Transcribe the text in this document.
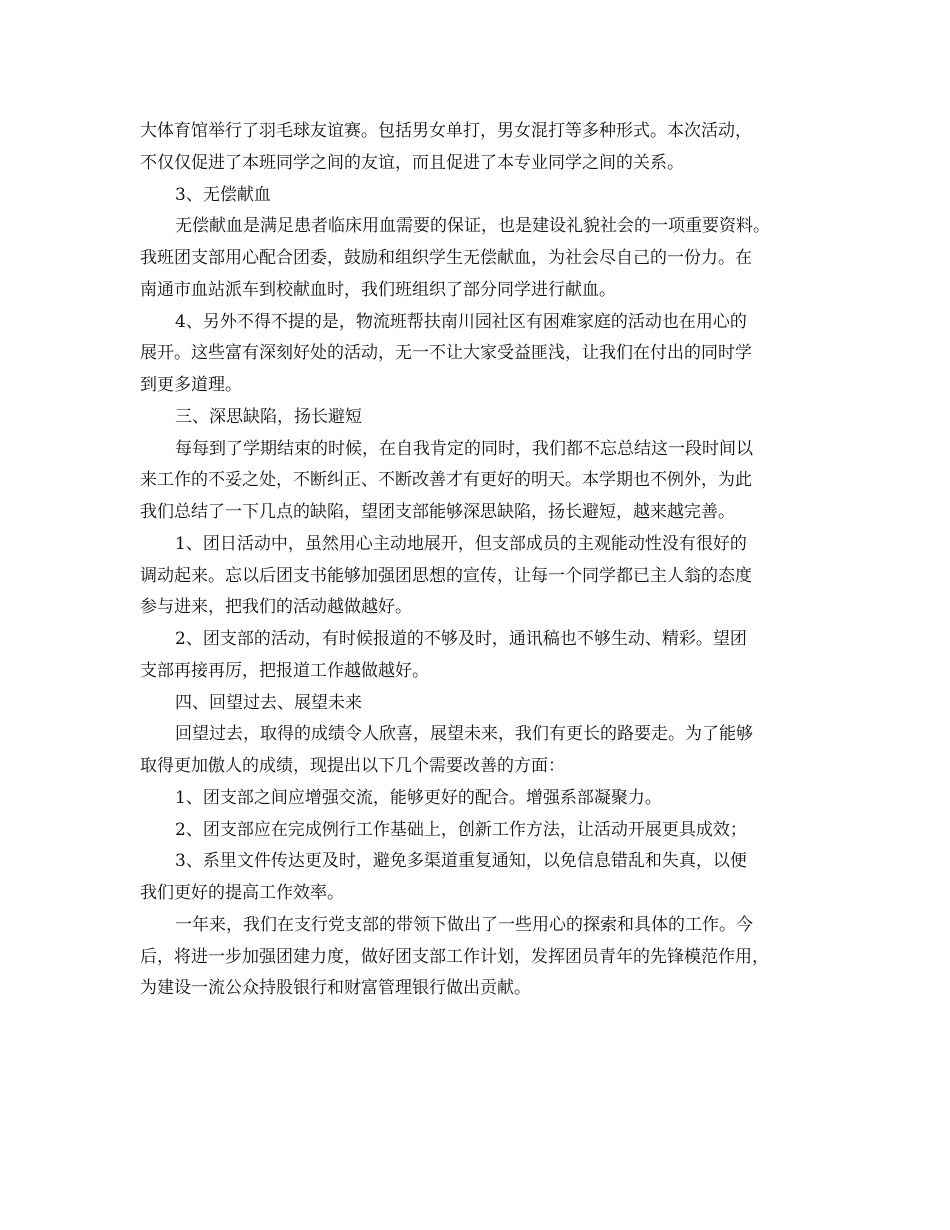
大体育馆举行了羽毛球友谊赛。包括男女单打，男女混打等多种形式。本次活动，
不仅仅促进了本班同学之间的友谊，而且促进了本专业同学之间的关系。
3、无偿献血
无偿献血是满足患者临床用血需要的保证，也是建设礼貌社会的一项重要资料。
我班团支部用心配合团委，鼓励和组织学生无偿献血，为社会尽自己的一份力。在
南通市血站派车到校献血时，我们班组织了部分同学进行献血。
4、另外不得不提的是，物流班帮扶南川园社区有困难家庭的活动也在用心的
展开。这些富有深刻好处的活动，无一不让大家受益匪浅，让我们在付出的同时学
到更多道理。
三、深思缺陷，扬长避短
每每到了学期结束的时候，在自我肯定的同时，我们都不忘总结这一段时间以
来工作的不妥之处，不断纠正、不断改善才有更好的明天。本学期也不例外，为此
我们总结了一下几点的缺陷，望团支部能够深思缺陷，扬长避短，越来越完善。
1、团日活动中，虽然用心主动地展开，但支部成员的主观能动性没有很好的
调动起来。忘以后团支书能够加强团思想的宣传，让每一个同学都已主人翁的态度
参与进来，把我们的活动越做越好。
2、团支部的活动，有时候报道的不够及时，通讯稿也不够生动、精彩。望团
支部再接再厉，把报道工作越做越好。
四、回望过去、展望未来
回望过去，取得的成绩令人欣喜，展望未来，我们有更长的路要走。为了能够
取得更加傲人的成绩，现提出以下几个需要改善的方面：
1、团支部之间应增强交流，能够更好的配合。增强系部凝聚力。
2、团支部应在完成例行工作基础上，创新工作方法，让活动开展更具成效；
3、系里文件传达更及时，避免多渠道重复通知，以免信息错乱和失真，以便
我们更好的提高工作效率。
一年来，我们在支行党支部的带领下做出了一些用心的探索和具体的工作。今
后，将进一步加强团建力度，做好团支部工作计划，发挥团员青年的先锋模范作用，
为建设一流公众持股银行和财富管理银行做出贡献。
